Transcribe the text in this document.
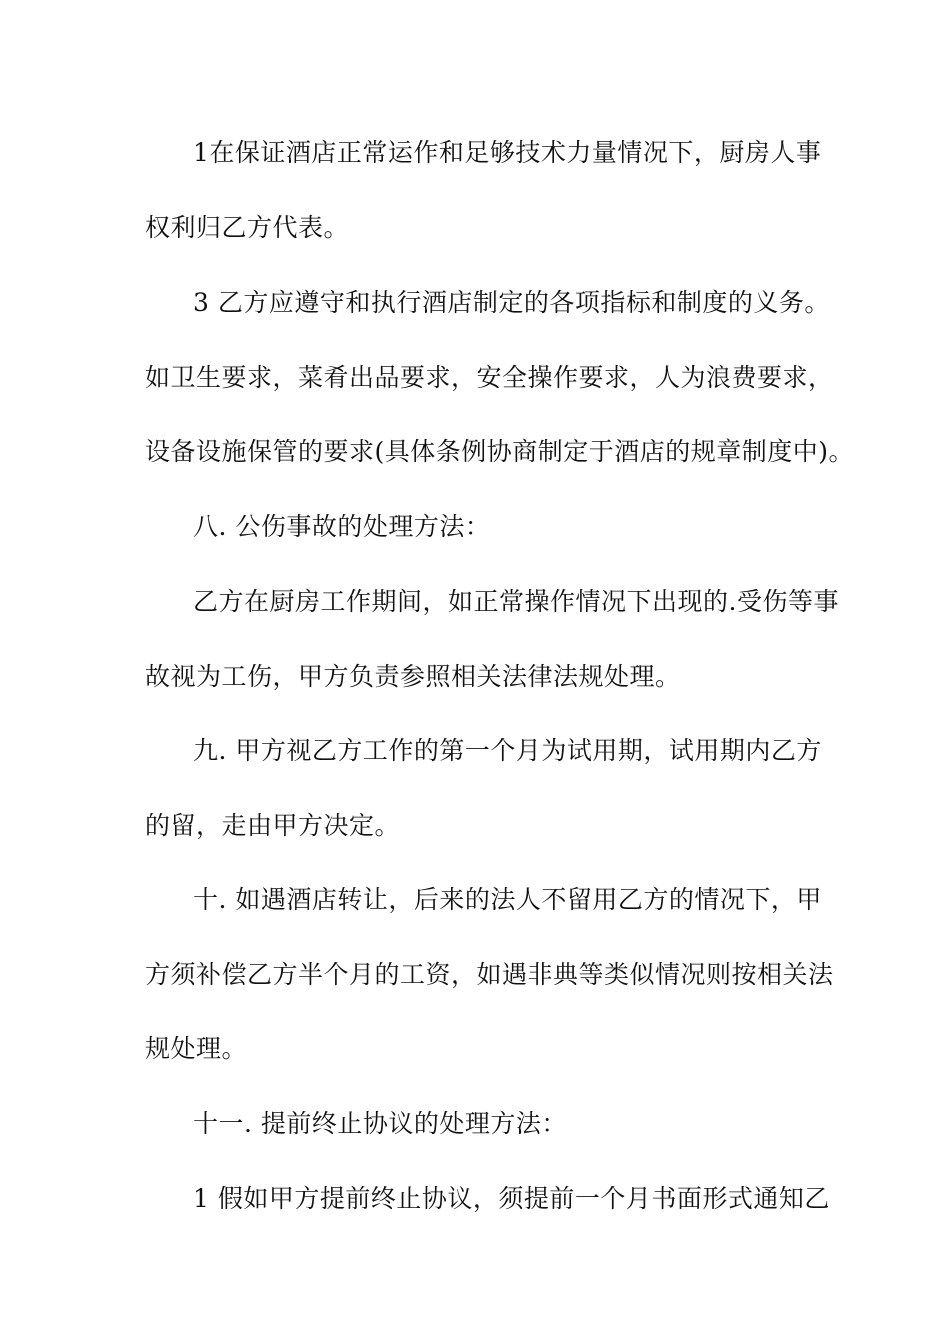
1在保证酒店正常运作和足够技术力量情况下，厨房人事
权利归乙方代表。
3 乙方应遵守和执行酒店制定的各项指标和制度的义务。
如卫生要求，菜肴出品要求，安全操作要求，人为浪费要求，
设备设施保管的要求(具体条例协商制定于酒店的规章制度中)。
八. 公伤事故的处理方法：
乙方在厨房工作期间，如正常操作情况下出现的.受伤等事
故视为工伤，甲方负责参照相关法律法规处理。
九. 甲方视乙方工作的第一个月为试用期，试用期内乙方
的留，走由甲方决定。
十. 如遇酒店转让，后来的法人不留用乙方的情况下，甲
方须补偿乙方半个月的工资，如遇非典等类似情况则按相关法
规处理。
十一. 提前终止协议的处理方法：
1 假如甲方提前终止协议，须提前一个月书面形式通知乙
